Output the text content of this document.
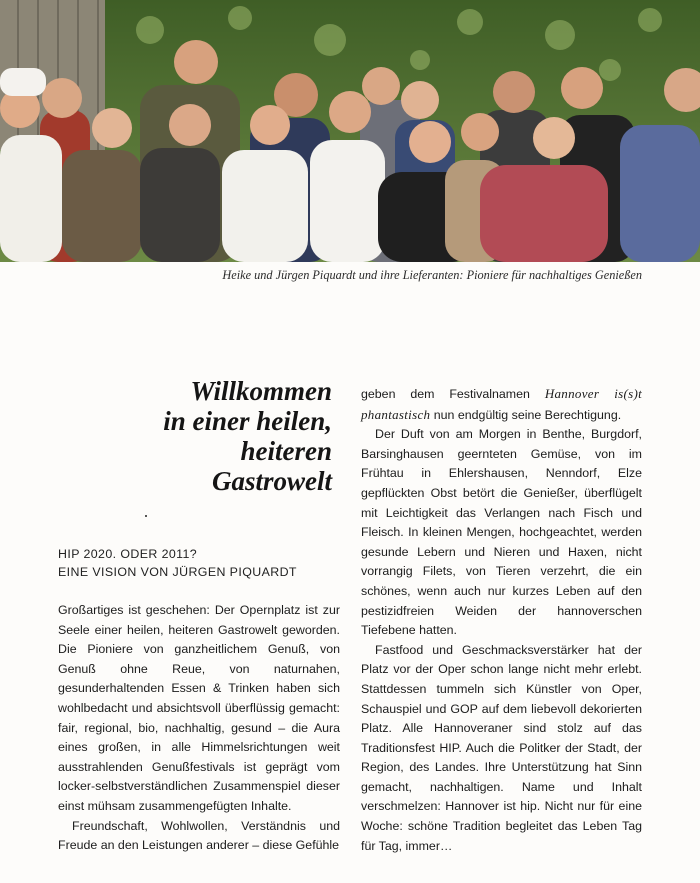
Heike und Jürgen Piquardt und ihre Lieferanten: Pioniere für nachhaltiges Genießen
Willkommen
in einer heilen,
heiteren
Gastrowelt
HIP 2020. ODER 2011?
EINE VISION VON JÜRGEN PIQUARDT

Großartiges ist geschehen: Der Opernplatz ist zur Seele einer heilen, heiteren Gastrowelt geworden. Die Pioniere von ganzheitlichem Genuß, von Genuß ohne Reue, von naturnahen, gesunderhaltenden Essen & Trinken haben sich wohlbedacht und absichtsvoll überflüssig gemacht: fair, regional, bio, nachhaltig, gesund – die Aura eines großen, in alle Himmelsrichtungen weit ausstrahlenden Genußfestivals ist geprägt vom locker-selbstverständlichen Zusammenspiel dieser einst mühsam zusammengefügten Inhalte.

Freundschaft, Wohlwollen, Verständnis und Freude an den Leistungen anderer – diese Gefühle

geben dem Festivalnamen Hannover is(s)t phantastisch nun endgültig seine Berechtigung.

Der Duft von am Morgen in Benthe, Burgdorf, Barsinghausen geernteten Gemüse, von im Frühtau in Ehlershausen, Nenndorf, Elze gepflückten Obst betört die Genießer, überflügelt mit Leichtigkeit das Verlangen nach Fisch und Fleisch. In kleinen Mengen, hochgeachtet, werden gesunde Lebern und Nieren und Haxen, nicht vorrangig Filets, von Tieren verzehrt, die ein schönes, wenn auch nur kurzes Leben auf den pestizidfreien Weiden der hannoverschen Tiefebene hatten.

Fastfood und Geschmacksverstärker hat der Platz vor der Oper schon lange nicht mehr erlebt. Stattdessen tummeln sich Künstler von Oper, Schauspiel und GOP auf dem liebevoll dekorierten Platz. Alle Hannoveraner sind stolz auf das Traditionsfest HIP. Auch die Politker der Stadt, der Region, des Landes. Ihre Unterstützung hat Sinn gemacht, nachhaltigen. Name und Inhalt verschmelzen: Hannover ist hip. Nicht nur für eine Woche: schöne Tradition begleitet das Leben Tag für Tag, immer…
